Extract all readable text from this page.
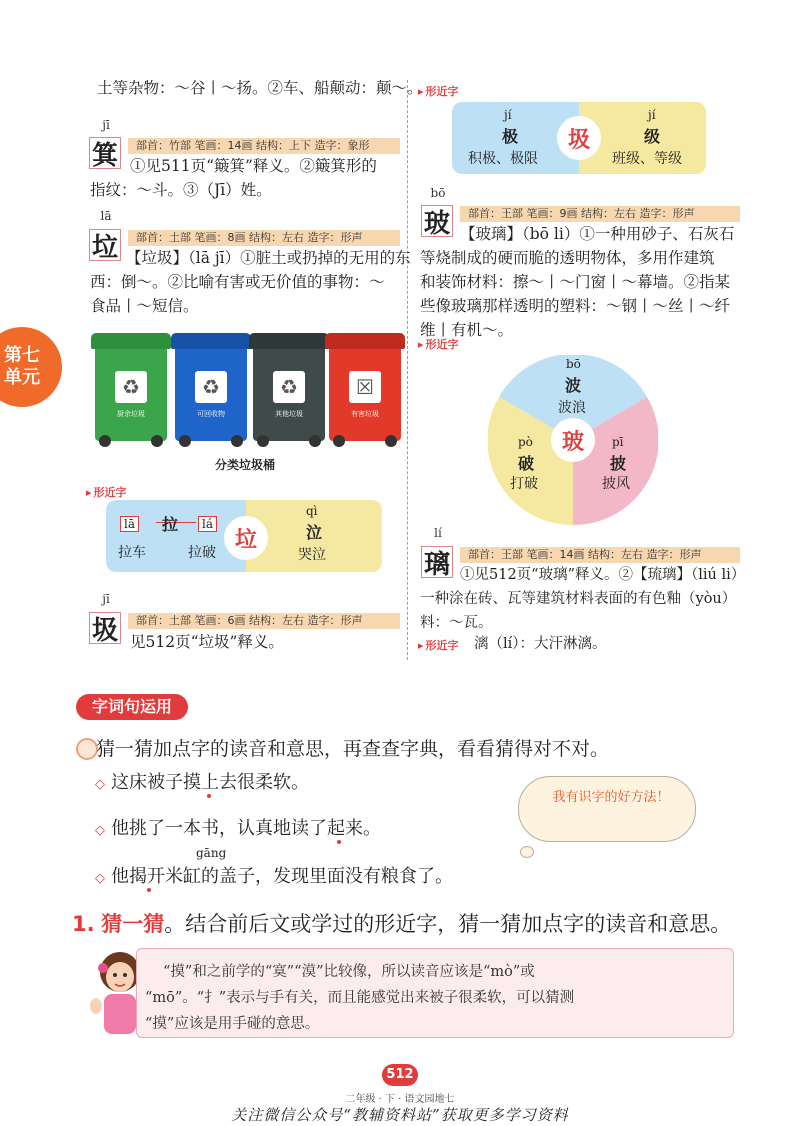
土等杂物：～谷丨～扬。②车、船颠动：颠～。
jī
箕	部首：竹部 笔画：14画 结构：上下 造字：象形
①见511页“簸箕”释义。②簸箕形的
指纹：～斗。③（Jī）姓。
lā
垃	部首：土部 笔画：8画 结构：左右 造字：形声
【垃圾】（lā jī）①脏土或扔掉的无用的东
西：倒～。②比喻有害或无价值的事物：～
食品丨～短信。
第七单元	♻
厨余垃圾
♻
可回收物
♻
其他垃圾
☒
有害垃圾
分类垃圾桶
▸ 形近字
lā 拉	lá
拉车	拉破
垃
qì
泣
哭泣
jī
圾	部首：土部 笔画：6画 结构：左右 造字：形声
见512页“垃圾”释义。
▸ 形近字
jí
极
积极、极限
圾
jí
级
班级、等级
bō
玻	部首：王部 笔画：9画 结构：左右 造字：形声
【玻璃】（bō li）①一种用砂子、石灰石
等烧制成的硬而脆的透明物体，多用作建筑
和装饰材料：擦～丨～门窗丨～幕墙。②指某
些像玻璃那样透明的塑料：～钢丨～丝丨～纤
维丨有机～。
▸ 形近字
bō
波
波浪
pò
破
打破
pī
披
披风
玻
lí
璃	部首：王部 笔画：14画 结构：左右 造字：形声
①见512页“玻璃”释义。②【琉璃】（liú li）
一种涂在砖、瓦等建筑材料表面的有色釉（yòu）
料：～瓦。
▸ 形近字 漓（lí）：大汗淋漓。
字词句运用
猜一猜加点字的读音和意思，再查查字典，看看猜得对不对。
◇ 这床被子摸上去很柔软。
◇ 他挑了一本书，认真地读了起来。
gāng
◇ 他揭开米缸的盖子，发现里面没有粮食了。
我有识字的好方法！
1. 猜一猜。结合前后文或学过的形近字，猜一猜加点字的读音和意思。
“摸”和之前学的“寞”“漠”比较像，所以读音应该是“mò”或
“mō”。“扌”表示与手有关，而且能感觉出来被子很柔软，可以猜测
“摸”应该是用手碰的意思。
512
二年级 · 下 · 语文园地七
关注微信公众号“教辅资料站”获取更多学习资料
